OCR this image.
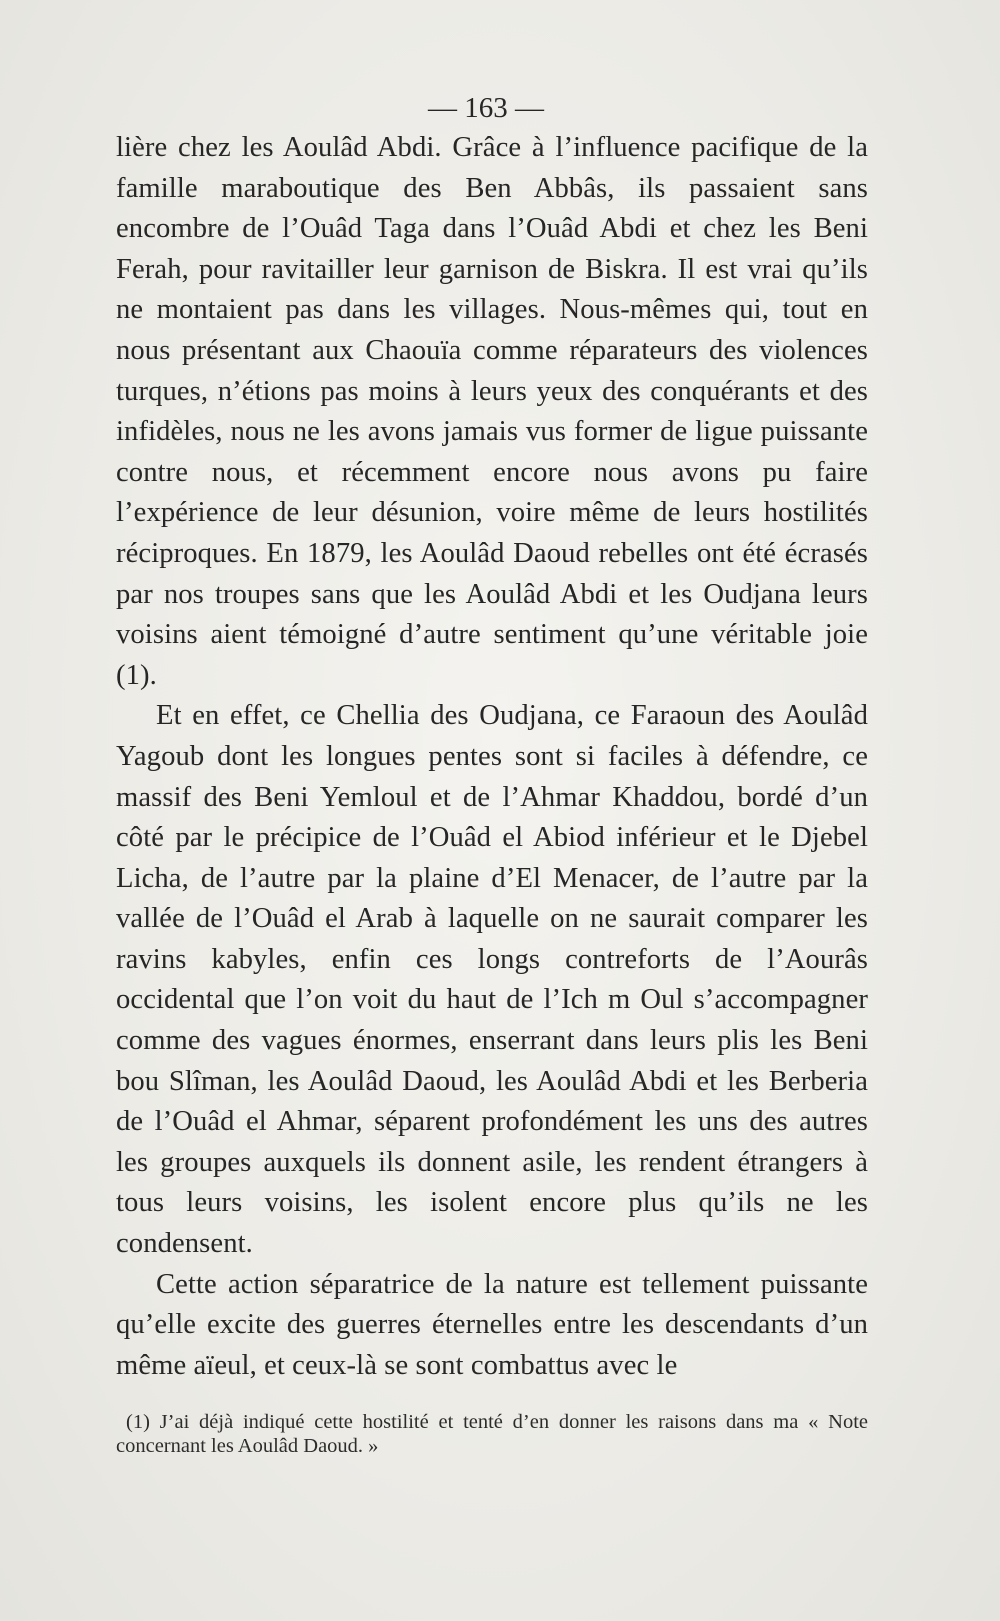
— 163 —

lière chez les Aoulâd Abdi. Grâce à l’influence pacifique de la famille maraboutique des Ben Abbâs, ils passaient sans encombre de l’Ouâd Taga dans l’Ouâd Abdi et chez les Beni Ferah, pour ravitailler leur garnison de Biskra. Il est vrai qu’ils ne montaient pas dans les villages. Nous-mêmes qui, tout en nous présentant aux Chaouïa comme réparateurs des violences turques, n’étions pas moins à leurs yeux des conquérants et des infidèles, nous ne les avons jamais vus former de ligue puissante contre nous, et récemment encore nous avons pu faire l’expérience de leur désunion, voire même de leurs hostilités réciproques. En 1879, les Aoulâd Daoud rebelles ont été écrasés par nos troupes sans que les Aoulâd Abdi et les Oudjana leurs voisins aient témoigné d’autre sentiment qu’une véritable joie (1).

Et en effet, ce Chellia des Oudjana, ce Faraoun des Aoulâd Yagoub dont les longues pentes sont si faciles à défendre, ce massif des Beni Yemloul et de l’Ahmar Khaddou, bordé d’un côté par le précipice de l’Ouâd el Abiod inférieur et le Djebel Licha, de l’autre par la plaine d’El Menacer, de l’autre par la vallée de l’Ouâd el Arab à laquelle on ne saurait comparer les ravins kabyles, enfin ces longs contreforts de l’Aourâs occidental que l’on voit du haut de l’Ich m Oul s’accompagner comme des vagues énormes, enserrant dans leurs plis les Beni bou Slîman, les Aoulâd Daoud, les Aoulâd Abdi et les Berberia de l’Ouâd el Ahmar, séparent profondément les uns des autres les groupes auxquels ils donnent asile, les rendent étrangers à tous leurs voisins, les isolent encore plus qu’ils ne les condensent.

Cette action séparatrice de la nature est tellement puissante qu’elle excite des guerres éternelles entre les descendants d’un même aïeul, et ceux-là se sont combattus avec le

(1) J’ai déjà indiqué cette hostilité et tenté d’en donner les raisons dans ma « Note concernant les Aoulâd Daoud. »
